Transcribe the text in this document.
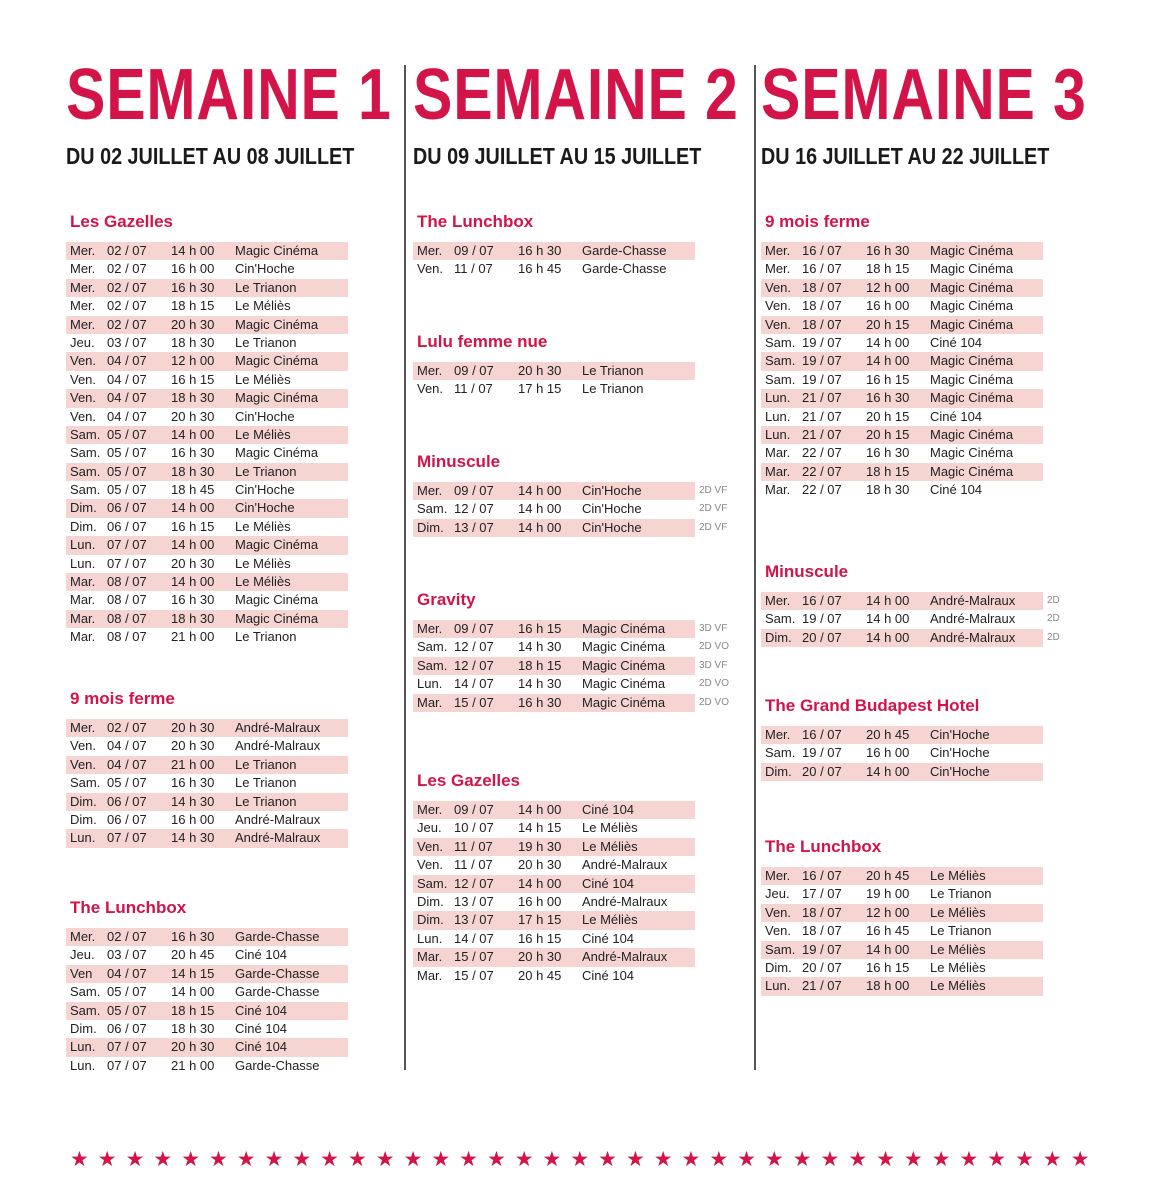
SEMAINE 1
DU 02 JUILLET AU 08 JUILLET
Les Gazelles
Mer. 02 / 07 14 h 00 Magic Cinéma
Mer. 02 / 07 16 h 00 Cin'Hoche
Mer. 02 / 07 16 h 30 Le Trianon
Mer. 02 / 07 18 h 15 Le Méliès
Mer. 02 / 07 20 h 30 Magic Cinéma
Jeu. 03 / 07 18 h 30 Le Trianon
Ven. 04 / 07 12 h 00 Magic Cinéma
Ven. 04 / 07 16 h 15 Le Méliès
Ven. 04 / 07 18 h 30 Magic Cinéma
Ven. 04 / 07 20 h 30 Cin'Hoche
Sam. 05 / 07 14 h 00 Le Méliès
Sam. 05 / 07 16 h 30 Magic Cinéma
Sam. 05 / 07 18 h 30 Le Trianon
Sam. 05 / 07 18 h 45 Cin'Hoche
Dim. 06 / 07 14 h 00 Cin'Hoche
Dim. 06 / 07 16 h 15 Le Méliès
Lun. 07 / 07 14 h 00 Magic Cinéma
Lun. 07 / 07 20 h 30 Le Méliès
Mar. 08 / 07 14 h 00 Le Méliès
Mar. 08 / 07 16 h 30 Magic Cinéma
Mar. 08 / 07 18 h 30 Magic Cinéma
Mar. 08 / 07 21 h 00 Le Trianon
9 mois ferme
Mer. 02 / 07 20 h 30 André-Malraux
Ven. 04 / 07 20 h 30 André-Malraux
Ven. 04 / 07 21 h 00 Le Trianon
Sam. 05 / 07 16 h 30 Le Trianon
Dim. 06 / 07 14 h 30 Le Trianon
Dim. 06 / 07 16 h 00 André-Malraux
Lun. 07 / 07 14 h 30 André-Malraux
The Lunchbox
Mer. 02 / 07 16 h 30 Garde-Chasse
Jeu. 03 / 07 20 h 45 Ciné 104
Ven 04 / 07 14 h 15 Garde-Chasse
Sam. 05 / 07 14 h 00 Garde-Chasse
Sam. 05 / 07 18 h 15 Ciné 104
Dim. 06 / 07 18 h 30 Ciné 104
Lun. 07 / 07 20 h 30 Ciné 104
Lun. 07 / 07 21 h 00 Garde-Chasse
SEMAINE 2
DU 09 JUILLET AU 15 JUILLET
The Lunchbox
Mer. 09 / 07 16 h 30 Garde-Chasse
Ven. 11 / 07 16 h 45 Garde-Chasse
Lulu femme nue
Mer. 09 / 07 20 h 30 Le Trianon
Ven. 11 / 07 17 h 15 Le Trianon
Minuscule
Mer. 09 / 07 14 h 00 Cin'Hoche	2D VF
Sam. 12 / 07 14 h 00 Cin'Hoche	2D VF
Dim. 13 / 07 14 h 00 Cin'Hoche	2D VF
Gravity
Mer. 09 / 07 16 h 15 Magic Cinéma	3D VF
Sam. 12 / 07 14 h 30 Magic Cinéma	2D VO
Sam. 12 / 07 18 h 15 Magic Cinéma	3D VF
Lun. 14 / 07 14 h 30 Magic Cinéma	2D VO
Mar. 15 / 07 16 h 30 Magic Cinéma	2D VO
Les Gazelles
Mer. 09 / 07 14 h 00 Ciné 104
Jeu. 10 / 07 14 h 15 Le Méliès
Ven. 11 / 07 19 h 30 Le Méliès
Ven. 11 / 07 20 h 30 André-Malraux
Sam. 12 / 07 14 h 00 Ciné 104
Dim. 13 / 07 16 h 00 André-Malraux
Dim. 13 / 07 17 h 15 Le Méliès
Lun. 14 / 07 16 h 15 Ciné 104
Mar. 15 / 07 20 h 30 André-Malraux
Mar. 15 / 07 20 h 45 Ciné 104
SEMAINE 3
DU 16 JUILLET AU 22 JUILLET
9 mois ferme
Mer. 16 / 07 16 h 30 Magic Cinéma
Mer. 16 / 07 18 h 15 Magic Cinéma
Ven. 18 / 07 12 h 00 Magic Cinéma
Ven. 18 / 07 16 h 00 Magic Cinéma
Ven. 18 / 07 20 h 15 Magic Cinéma
Sam. 19 / 07 14 h 00 Ciné 104
Sam. 19 / 07 14 h 00 Magic Cinéma
Sam. 19 / 07 16 h 15 Magic Cinéma
Lun. 21 / 07 16 h 30 Magic Cinéma
Lun. 21 / 07 20 h 15 Ciné 104
Lun. 21 / 07 20 h 15 Magic Cinéma
Mar. 22 / 07 16 h 30 Magic Cinéma
Mar. 22 / 07 18 h 15 Magic Cinéma
Mar. 22 / 07 18 h 30 Ciné 104
Minuscule
Mer. 16 / 07 14 h 00 André-Malraux	2D
Sam. 19 / 07 14 h 00 André-Malraux	2D
Dim. 20 / 07 14 h 00 André-Malraux	2D
The Grand Budapest Hotel
Mer. 16 / 07 20 h 45 Cin'Hoche
Sam. 19 / 07 16 h 00 Cin'Hoche
Dim. 20 / 07 14 h 00 Cin'Hoche
The Lunchbox
Mer. 16 / 07 20 h 45 Le Méliès
Jeu. 17 / 07 19 h 00 Le Trianon
Ven. 18 / 07 12 h 00 Le Méliès
Ven. 18 / 07 16 h 45 Le Trianon
Sam. 19 / 07 14 h 00 Le Méliès
Dim. 20 / 07 16 h 15 Le Méliès
Lun. 21 / 07 18 h 00 Le Méliès
★ ★ ★ ★ ★ ★ ★ ★ ★ ★ ★ ★ ★ ★ ★ ★ ★ ★ ★ ★ ★ ★ ★ ★ ★ ★ ★ ★ ★ ★ ★ ★ ★ ★ ★ ★ ★
